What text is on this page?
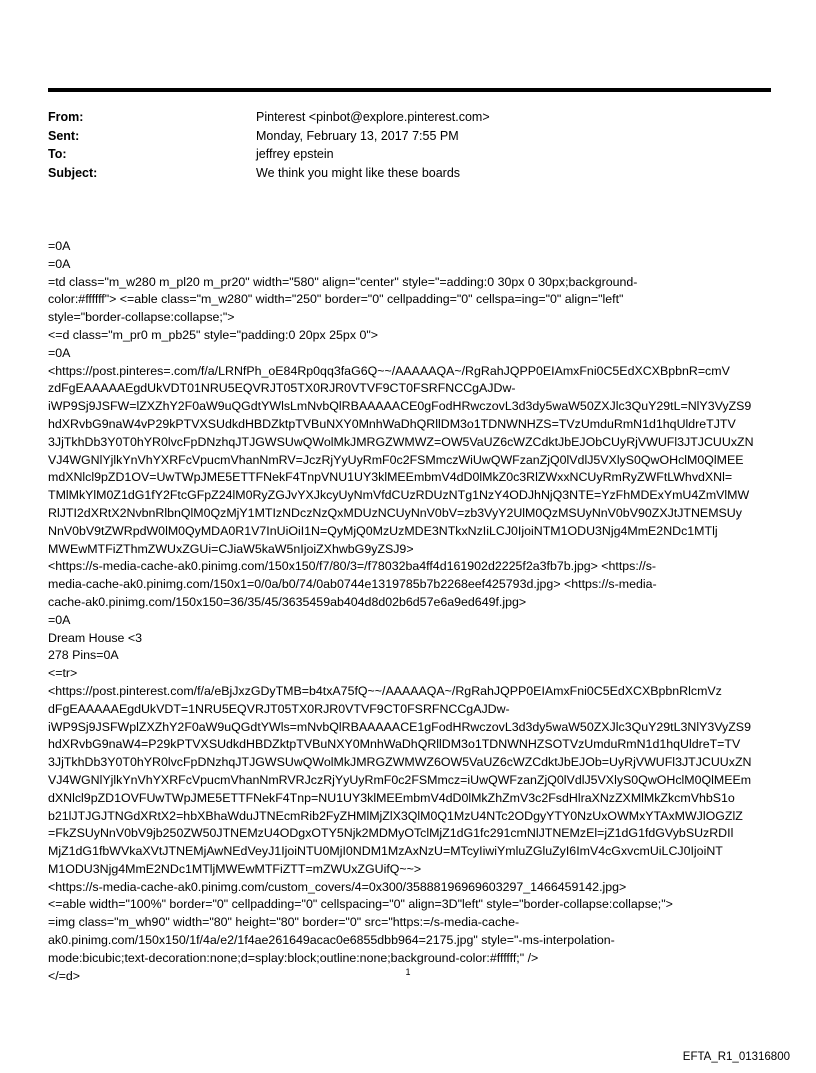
From:	Pinterest <pinbot@explore.pinterest.com>
Sent:	Monday, February 13, 2017 7:55 PM
To:	jeffrey epstein
Subject:	We think you might like these boards
=0A
=0A
=td class="m_w280 m_pl20 m_pr20" width="580" align="center" style="=adding:0 30px 0 30px;background-
color:#ffffff"> <=able class="m_w280" width="250" border="0" cellpadding="0" cellspa=ing="0" align="left"
style="border-collapse:collapse;">
<=d class="m_pr0 m_pb25" style="padding:0 20px 25px 0">
=0A
<https://post.pinteres=.com/f/a/LRNfPh_oE84Rp0qq3faG6Q~~/AAAAAQA~/RgRahJQPP0EIAmxFni0C5EdXCXBpbnR=cmV
zdFgEAAAAAEgdUkVDT01NRU5EQVRJT05TX0RJR0VTVF9CT0FSRFNCCgAJDw-
iWP9Sj9JSFW=lZXZhY2F0aW9uQGdtYWlsLmNvbQlRBAAAAACE0gFodHRwczovL3d3dy5waW50ZXJlc3QuY29tL=NlY3VyZS9
hdXRvbG9naW4vP29kPTVXSUdkdHBDZktpTVBuNXY0MnhWaDhQRllDM3o1TDNWNHZS=TVzUmduRmN1d1hqUldreTJTV
3JjTkhDb3Y0T0hYR0lvcFpDNzhqJTJGWSUwQWolMkJMRGZWMWZ=OW5VaUZ6cWZCdktJbEJObCUyRjVWUFl3JTJCUUxZN
VJ4WGNlYjlkYnVhYXRFcVpucmVhanNmRV=JczRjYyUyRmF0c2FSMmczWiUwQWFzanZjQ0lVdlJ5VXlyS0QwOHclM0QlMEE
mdXNlcl9pZD1OV=UwTWpJME5ETTFNekF4TnpVNU1UY3klMEEmbmV4dD0lMkZ0c3RlZWxxNCUyRmRyZWFtLWhvdXNl=
TMlMkYlM0Z1dG1fY2FtcGFpZ24lM0RyZGJvYXJkcyUyNmVfdCUzRDUzNTg1NzY4ODJhNjQ3NTE=YzFhMDExYmU4ZmVlMW
RlJTI2dXRtX2NvbnRlbnQlM0QzMjY1MTIzNDczNzQxMDUzNCUyNnV0bV=zb3VyY2UlM0QzMSUyNnV0bV90ZXJtJTNEMSUy
NnV0bV9tZWRpdW0lM0QyMDA0R1V7InUiOiI1N=QyMjQ0MzUzMDE3NTkxNzIiLCJ0IjoiNTM1ODU3Njg4MmE2NDc1MTlj
MWEwMTFiZThmZWUxZGUi=CJiaW5kaW5nIjoiZXhwbG9yZSJ9>
<https://s-media-cache-ak0.pinimg.com/150x150/f7/80/3=/f78032ba4ff4d161902d2225f2a3fb7b.jpg> <https://s-
media-cache-ak0.pinimg.com/150x1=0/0a/b0/74/0ab0744e1319785b7b2268eef425793d.jpg> <https://s-media-
cache-ak0.pinimg.com/150x150=36/35/45/3635459ab404d8d02b6d57e6a9ed649f.jpg>
=0A
Dream House <3
278 Pins=0A
<=tr>
<https://post.pinterest.com/f/a/eBjJxzGDyTMB=b4txA75fQ~~/AAAAAQA~/RgRahJQPP0EIAmxFni0C5EdXCXBpbnRlcmVz
dFgEAAAAAEgdUkVDT=1NRU5EQVRJT05TX0RJR0VTVF9CT0FSRFNCCgAJDw-
iWP9Sj9JSFWplZXZhY2F0aW9uQGdtYWls=mNvbQlRBAAAAACE1gFodHRwczovL3d3dy5waW50ZXJlc3QuY29tL3NlY3VyZS9
hdXRvbG9naW4=P29kPTVXSUdkdHBDZktpTVBuNXY0MnhWaDhQRllDM3o1TDNWNHZSOTVzUmduRmN1d1hqUldreT=TV
3JjTkhDb3Y0T0hYR0lvcFpDNzhqJTJGWSUwQWolMkJMRGZWMWZ6OW5VaUZ6cWZCdktJbEJOb=UyRjVWUFl3JTJCUUxZN
VJ4WGNlYjlkYnVhYXRFcVpucmVhanNmRVRJczRjYyUyRmF0c2FSMmcz=iUwQWFzanZjQ0lVdlJ5VXlyS0QwOHclM0QlMEEm
dXNlcl9pZD1OVFUwTWpJME5ETTFNekF4Tnp=NU1UY3klMEEmbmV4dD0lMkZhZmV3c2FsdHlraXNzZXMlMkZkcmVhbS1o
b21lJTJGJTNGdXRtX2=hbXBhaWduJTNEcmRib2FyZHMlMjZlX3QlM0Q1MzU4NTc2ODgyYTY0NzUxOWMxYTAxMWJlOGZlZ
=FkZSUyNnV0bV9jb250ZW50JTNEMzU4ODgxOTY5Njk2MDMyOTclMjZ1dG1fc291cmNlJTNEMzEl=jZ1dG1fdGVybSUzRDIl
MjZ1dG1fbWVkaXVtJTNEMjAwNEdVeyJ1IjoiNTU0MjI0NDM1MzAxNzU=MTcyIiwiYmluZGluZyI6ImV4cGxvcmUiLCJ0IjoiNT
M1ODU3Njg4MmE2NDc1MTljMWEwMTFiZTT=mZWUxZGUifQ~~>
<https://s-media-cache-ak0.pinimg.com/custom_covers/4=0x300/35888196969603297_1466459142.jpg>
<=able width="100%" border="0" cellpadding="0" cellspacing="0" align=3D"left" style="border-collapse:collapse;">
=img class="m_wh90" width="80" height="80" border="0" src="https:=/s-media-cache-
ak0.pinimg.com/150x150/1f/4a/e2/1f4ae261649acac0e6855dbb964=2175.jpg" style="-ms-interpolation-
mode:bicubic;text-decoration:none;d=splay:block;outline:none;background-color:#ffffff;" />
</=d>	1
EFTA_R1_01316800
